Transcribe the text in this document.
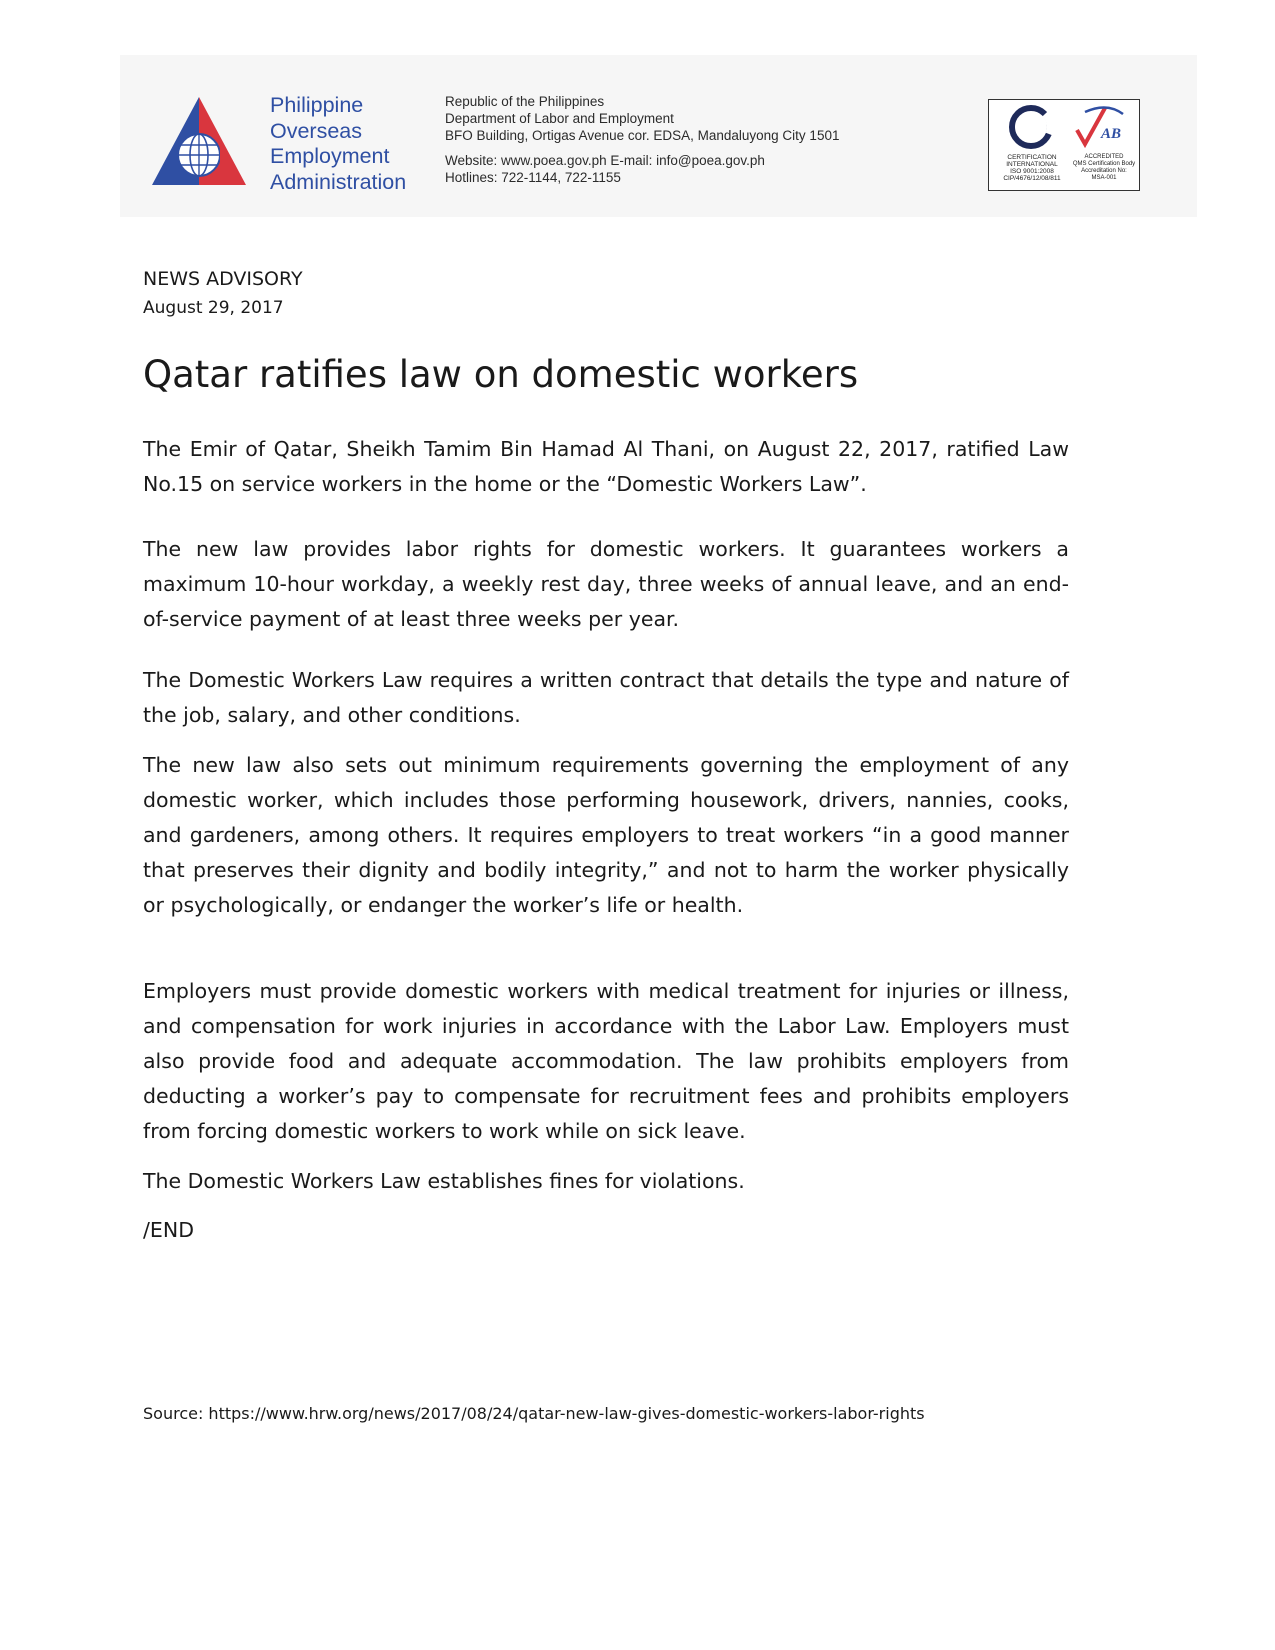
Philippine
Overseas
Employment
Administration
Republic of the Philippines
Department of Labor and Employment
BFO Building, Ortigas Avenue cor. EDSA, Mandaluyong City 1501
Website: www.poea.gov.ph E-mail: info@poea.gov.ph
Hotlines: 722-1144, 722-1155
AB
CERTIFICATION
INTERNATIONAL
ISO 9001:2008
CIP/4676/12/08/811
ACCREDITED
QMS Certification Body
Accreditation No:
MSA-001
NEWS ADVISORY
August 29, 2017
Qatar ratifies law on domestic workers

The Emir of Qatar, Sheikh Tamim Bin Hamad Al Thani, on August 22, 2017, ratified Law No.15 on service workers in the home or the “Domestic Workers Law”.

The new law provides labor rights for domestic workers. It guarantees workers a maximum 10-hour workday, a weekly rest day, three weeks of annual leave, and an end-of-service payment of at least three weeks per year.

The Domestic Workers Law requires a written contract that details the type and nature of the job, salary, and other conditions.

The new law also sets out minimum requirements governing the employment of any domestic worker, which includes those performing housework, drivers, nannies, cooks, and gardeners, among others. It requires employers to treat workers “in a good manner that preserves their dignity and bodily integrity,” and not to harm the worker physically or psychologically, or endanger the worker’s life or health.

Employers must provide domestic workers with medical treatment for injuries or illness, and compensation for work injuries in accordance with the Labor Law. Employers must also provide food and adequate accommodation. The law prohibits employers from deducting a worker’s pay to compensate for recruitment fees and prohibits employers from forcing domestic workers to work while on sick leave.

The Domestic Workers Law establishes fines for violations.

/END
Source: https://www.hrw.org/news/2017/08/24/qatar-new-law-gives-domestic-workers-labor-rights
